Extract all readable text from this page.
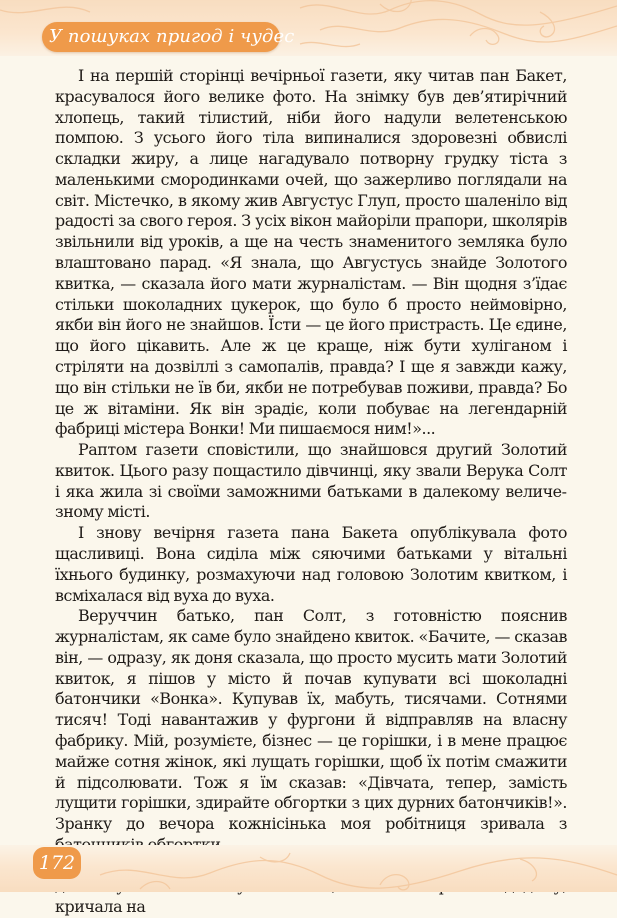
У пошуках пригод і чудес

I на першій сторінці вечірньої газети, яку читав пан Бакет, красувалося його велике фото. На знімку був дев’ятирічний хлопець, такий тілистий, ніби його надули велетенською помпою. З усього його тіла випиналися здоровезні обвислі складки жиру, а лице нагадувало потворну грудку тіста з маленькими смородинками очей, що зажерливо поглядали на світ. Містечко, в якому жив Августус Глуп, просто шаленіло від радості за свого героя. З усіх вікон майоріли прапори, школярів звільнили від уроків, а ще на честь знаменитого земляка було влаштовано парад. «Я знала, що Августусь знайде Золотого квитка, — сказала його мати журналістам. — Він щодня з’їдає стільки шоколадних цукерок, що було б просто неймовірно, якби він його не знайшов. Їсти — це його пристрасть. Це єдине, що його цікавить. Але ж це краще, ніж бути хуліганом і стріляти на дозвіллі з самопалів, правда? I ще я завжди кажу, що він стільки не їв би, якби не потребував поживи, правда? Бо це ж вітаміни. Як він зрадіє, коли побуває на легендарній фабриці містера Вонки! Ми пишаємося ним!»...

Раптом газети сповістили, що знайшовся другий Золотий квиток. Цього разу пощастило дівчинці, яку звали Верука Солт і яка жила зі своїми заможними батьками в далекому величезному місті.

I знову вечірня газета пана Бакета опублікувала фото щасливиці. Вона сиділа між сяючими батьками у вітальні їхнього будинку, розмахуючи над головою Золотим квитком, і всміхалася від вуха до вуха.

Веруччин батько, пан Солт, з готовністю пояснив журналістам, як саме було знайдено квиток. «Бачите, — сказав він, — одразу, як доня сказала, що просто мусить мати Золотий квиток, я пішов у місто й почав купувати всі шоколадні батончики «Вонка». Купував їх, мабуть, тисячами. Сотнями тисяч! Тоді навантажив у фургони й відправляв на власну фабрику. Мій, розумієте, бізнес — це горішки, і в мене працює майже сотня жінок, які лущать горішки, щоб їх потім смажити й підсолювати. Тож я їм сказав: «Дівчата, тепер, замість лущити горішки, здирайте обгортки з цих дурних батончиків!». Зранку до вечора кожнісінька моя робітниця зривала з

кричала на

172
